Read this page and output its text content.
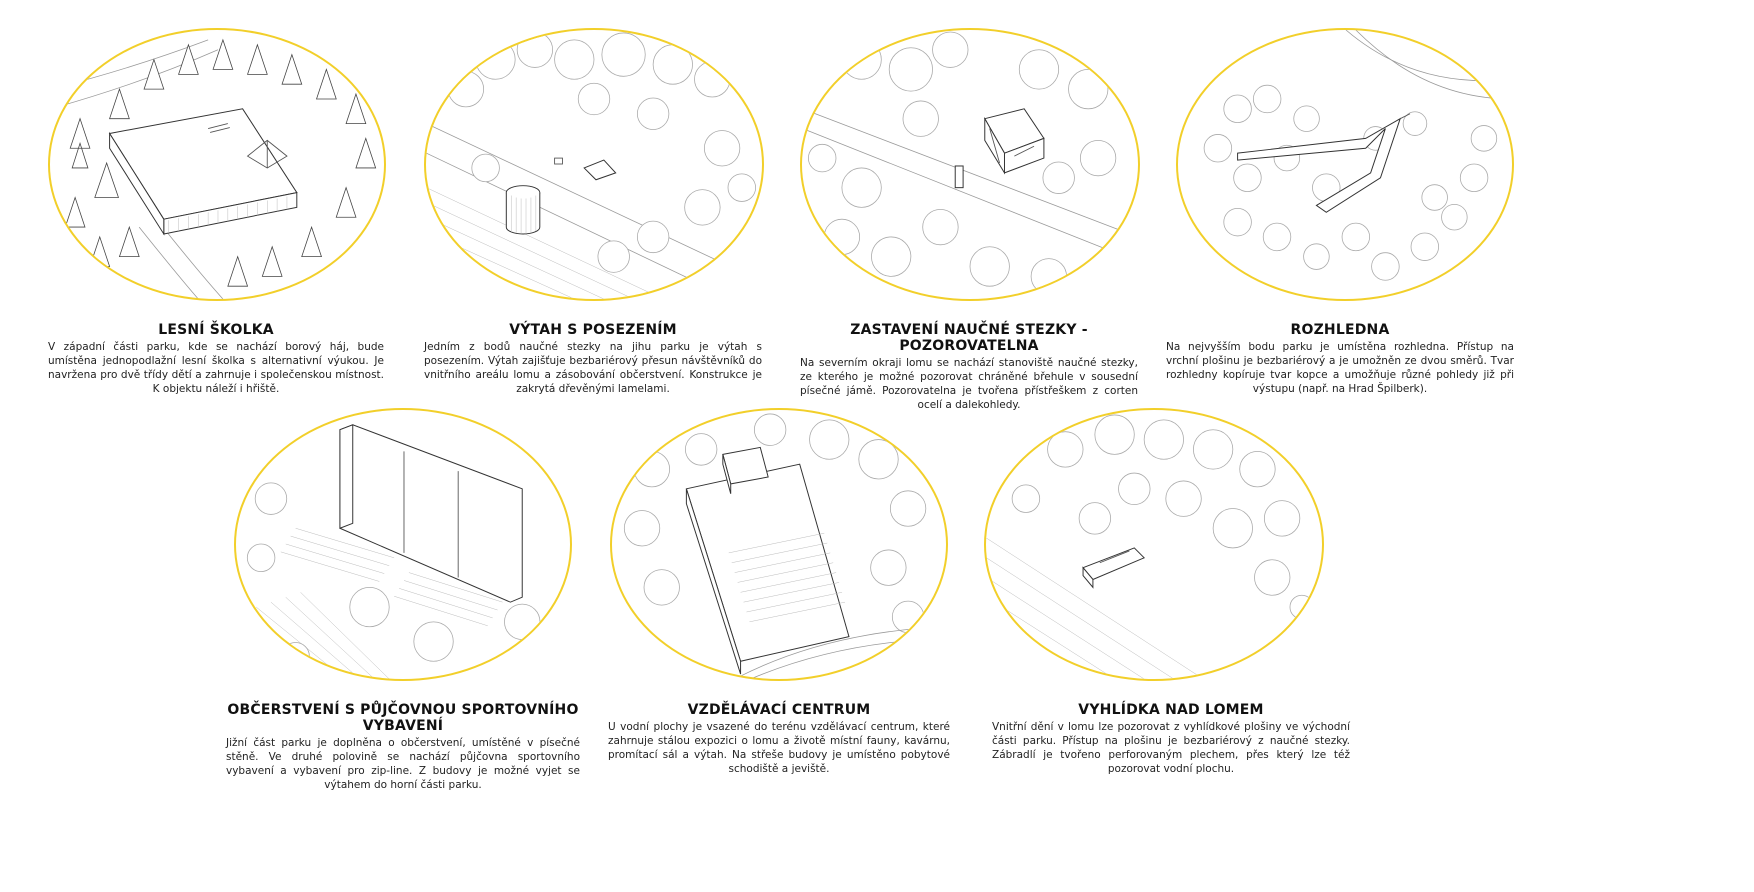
LESNÍ ŠKOLKA

V západní části parku, kde se nachází borový háj, bude umístěna jednopodlažní lesní školka s alternativní výukou. Je navržena pro dvě třídy dětí a zahrnuje i společenskou místnost. K objektu náleží i hřiště.

VÝTAH S POSEZENÍM

Jedním z bodů naučné stezky na jihu parku je výtah s posezením. Výtah zajišťuje bezbariérový přesun návštěvníků do vnitřního areálu lomu a zásobování občerstvení. Konstrukce je zakrytá dřevěnými lamelami.

ZASTAVENÍ NAUČNÉ STEZKY - POZOROVATELNA

Na severním okraji lomu se nachází stanoviště naučné stezky, ze kterého je možné pozorovat chráněné břehule v sousední písečné jámě. Pozorovatelna je tvořena přístřeškem z corten ocelí a dalekohledy.

ROZHLEDNA

Na nejvyšším bodu parku je umístěna rozhledna. Přístup na vrchní plošinu je bezbariérový a je umožněn ze dvou směrů. Tvar rozhledny kopíruje tvar kopce a umožňuje různé pohledy již při výstupu (např. na Hrad Špilberk).

OBČERSTVENÍ S PŮJČOVNOU SPORTOVNÍHO VYBAVENÍ

Jižní část parku je doplněna o občerstvení, umístěné v písečné stěně. Ve druhé polovině se nachází půjčovna sportovního vybavení a vybavení pro zip-line. Z budovy je možné vyjet se výtahem do horní části parku.

VZDĚLÁVACÍ CENTRUM

U vodní plochy je vsazené do terénu vzdělávací centrum, které zahrnuje stálou expozici o lomu a životě místní fauny, kavárnu, promítací sál a výtah. Na střeše budovy je umístěno pobytové schodiště a jeviště.

VYHLÍDKA NAD LOMEM

Vnitřní dění v lomu lze pozorovat z vyhlídkové plošiny ve východní části parku. Přístup na plošinu je bezbariérový z naučné stezky. Zábradlí je tvořeno perforovaným plechem, přes který lze též pozorovat vodní plochu.
